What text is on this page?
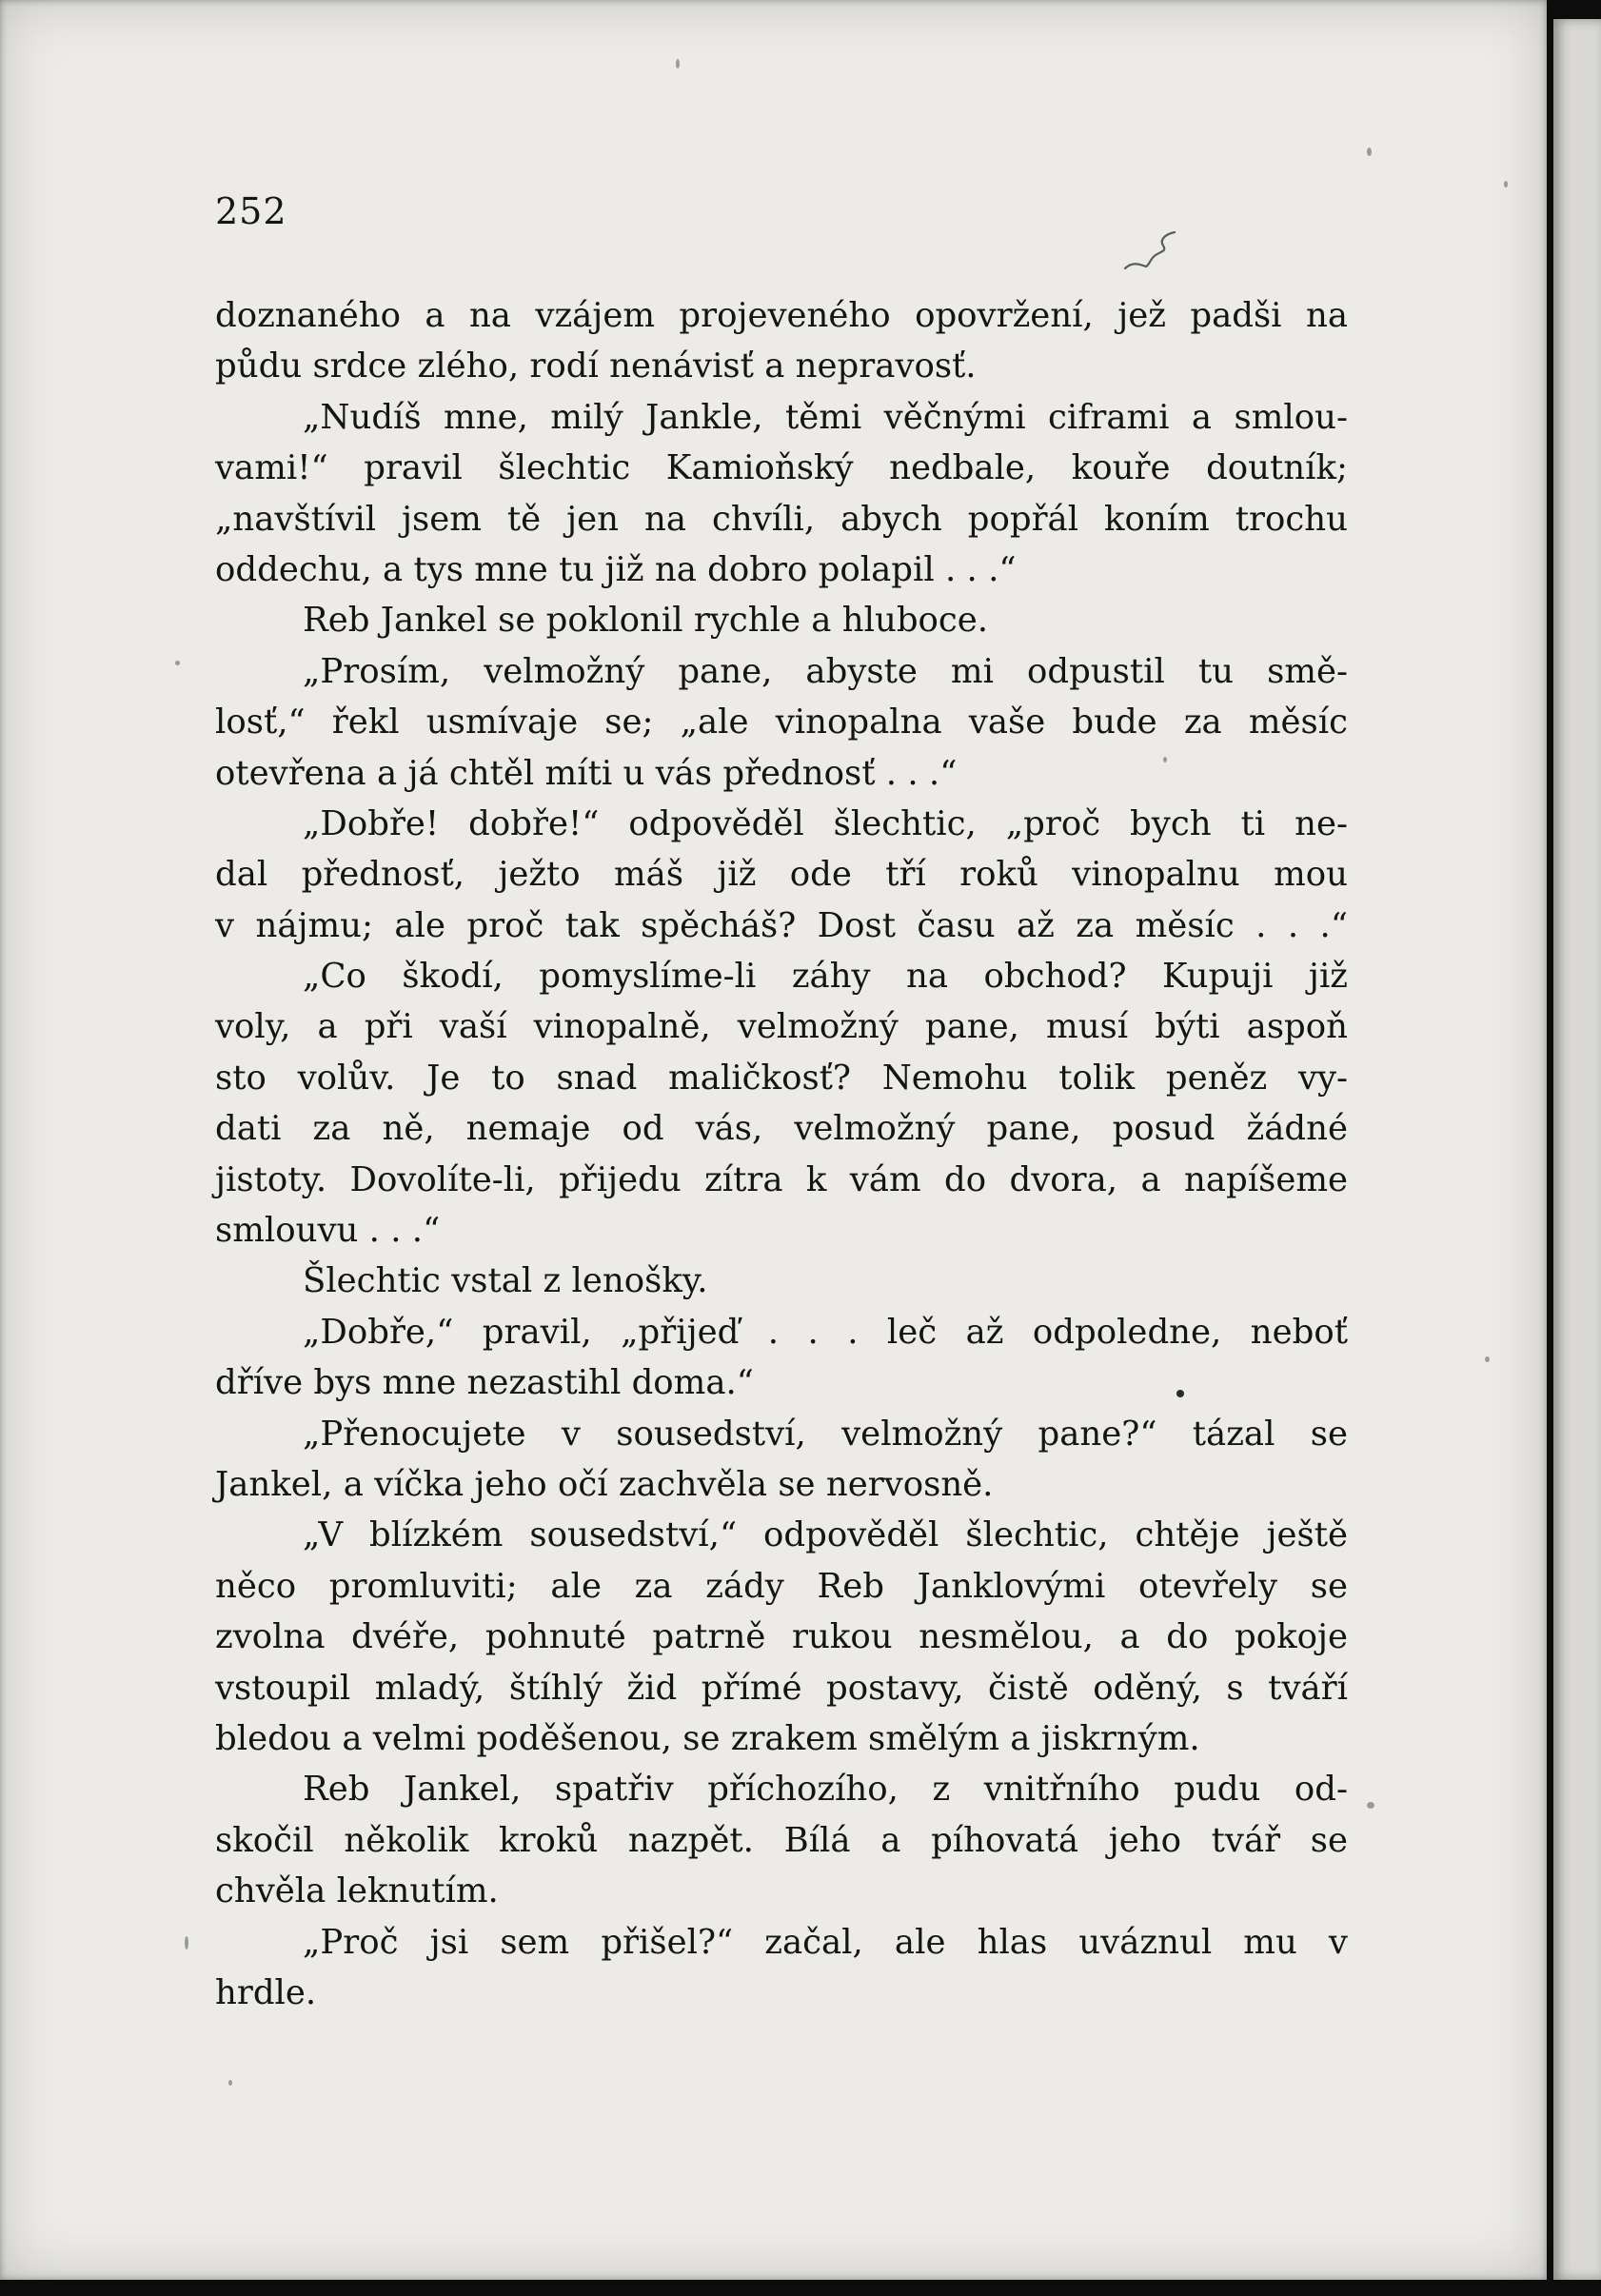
252
doznaného a na vzájem projeveného opovržení, jež padši na
půdu srdce zlého, rodí nenávisť a nepravosť.
„Nudíš mne, milý Jankle, těmi věčnými ciframi a smlou-
vami!“ pravil šlechtic Kamioňský nedbale, kouře doutník;
„navštívil jsem tě jen na chvíli, abych popřál koním trochu
oddechu, a tys mne tu již na dobro polapil . . .“
Reb Jankel se poklonil rychle a hluboce.
„Prosím, velmožný pane, abyste mi odpustil tu smě-
losť,“ řekl usmívaje se; „ale vinopalna vaše bude za měsíc
otevřena a já chtěl míti u vás přednosť . . .“
„Dobře! dobře!“ odpověděl šlechtic, „proč bych ti ne-
dal přednosť, ježto máš již ode tří roků vinopalnu mou
v nájmu; ale proč tak spěcháš? Dost času až za měsíc . . .“
„Co škodí, pomyslíme-li záhy na obchod? Kupuji již
voly, a při vaší vinopalně, velmožný pane, musí býti aspoň
sto volův. Je to snad maličkosť? Nemohu tolik peněz vy-
dati za ně, nemaje od vás, velmožný pane, posud žádné
jistoty. Dovolíte-li, přijedu zítra k vám do dvora, a napíšeme
smlouvu . . .“
Šlechtic vstal z lenošky.
„Dobře,“ pravil, „přijeď . . . leč až odpoledne, neboť
dříve bys mne nezastihl doma.“
„Přenocujete v sousedství, velmožný pane?“ tázal se
Jankel, a víčka jeho očí zachvěla se nervosně.
„V blízkém sousedství,“ odpověděl šlechtic, chtěje ještě
něco promluviti; ale za zády Reb Janklovými otevřely se
zvolna dvéře, pohnuté patrně rukou nesmělou, a do pokoje
vstoupil mladý, štíhlý žid přímé postavy, čistě oděný, s tváří
bledou a velmi poděšenou, se zrakem smělým a jiskrným.
Reb Jankel, spatřiv příchozího, z vnitřního pudu od-
skočil několik kroků nazpět. Bílá a píhovatá jeho tvář se
chvěla leknutím.
„Proč jsi sem přišel?“ začal, ale hlas uváznul mu v
hrdle.
